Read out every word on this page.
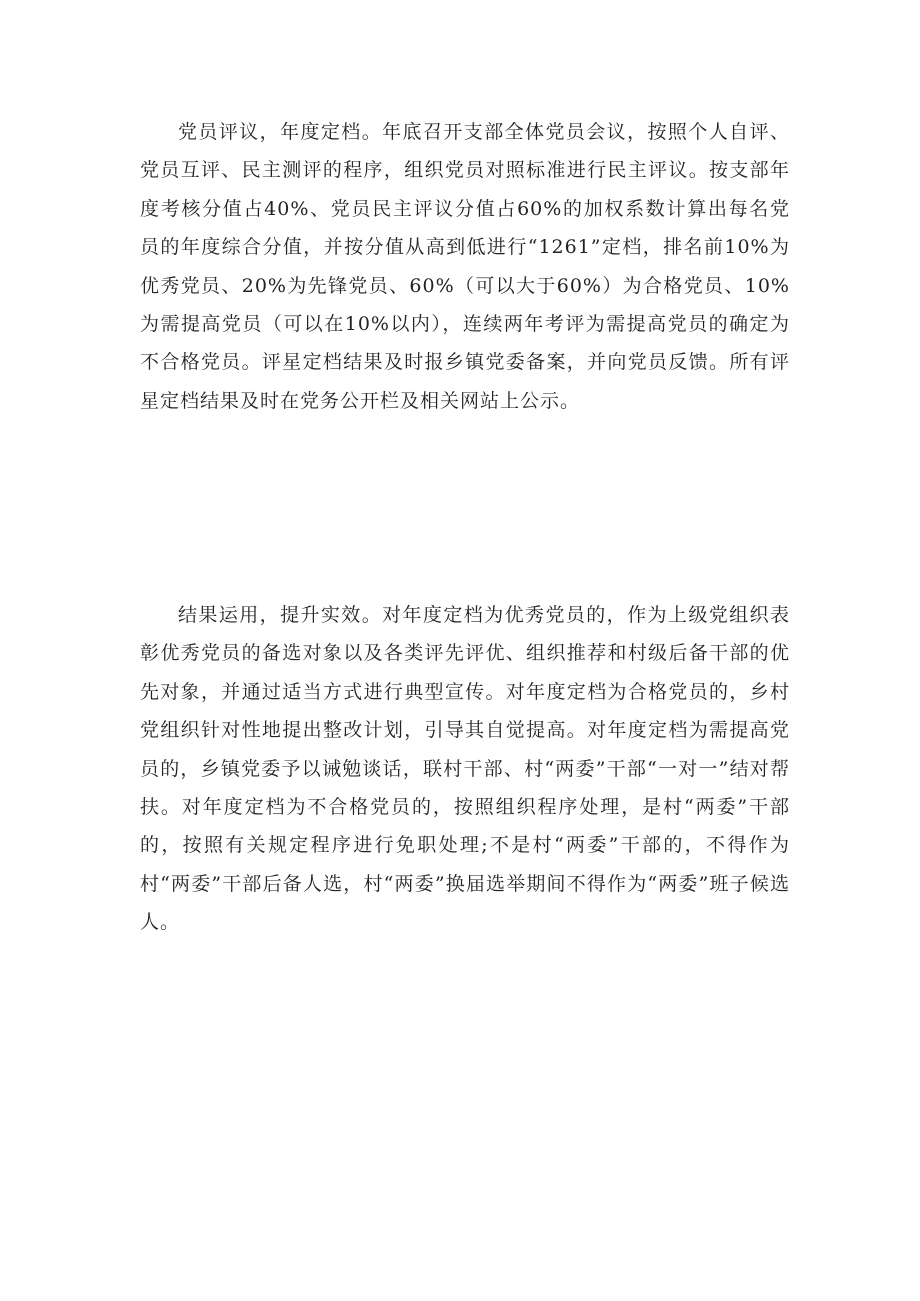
党员评议，年度定档。年底召开支部全体党员会议，按照个人自评、党员互评、民主测评的程序，组织党员对照标准进行民主评议。按支部年度考核分值占40%、党员民主评议分值占60%的加权系数计算出每名党员的年度综合分值，并按分值从高到低进行“1261”定档，排名前10%为优秀党员、20%为先锋党员、60%（可以大于60%）为合格党员、10%为需提高党员（可以在10%以内），连续两年考评为需提高党员的确定为不合格党员。评星定档结果及时报乡镇党委备案，并向党员反馈。所有评星定档结果及时在党务公开栏及相关网站上公示。

结果运用，提升实效。对年度定档为优秀党员的，作为上级党组织表彰优秀党员的备选对象以及各类评先评优、组织推荐和村级后备干部的优先对象，并通过适当方式进行典型宣传。对年度定档为合格党员的，乡村党组织针对性地提出整改计划，引导其自觉提高。对年度定档为需提高党员的，乡镇党委予以诫勉谈话，联村干部、村“两委”干部“一对一”结对帮扶。对年度定档为不合格党员的，按照组织程序处理，是村“两委”干部的，按照有关规定程序进行免职处理;不是村“两委”干部的，不得作为村“两委”干部后备人选，村“两委”换届选举期间不得作为“两委”班子候选人。
